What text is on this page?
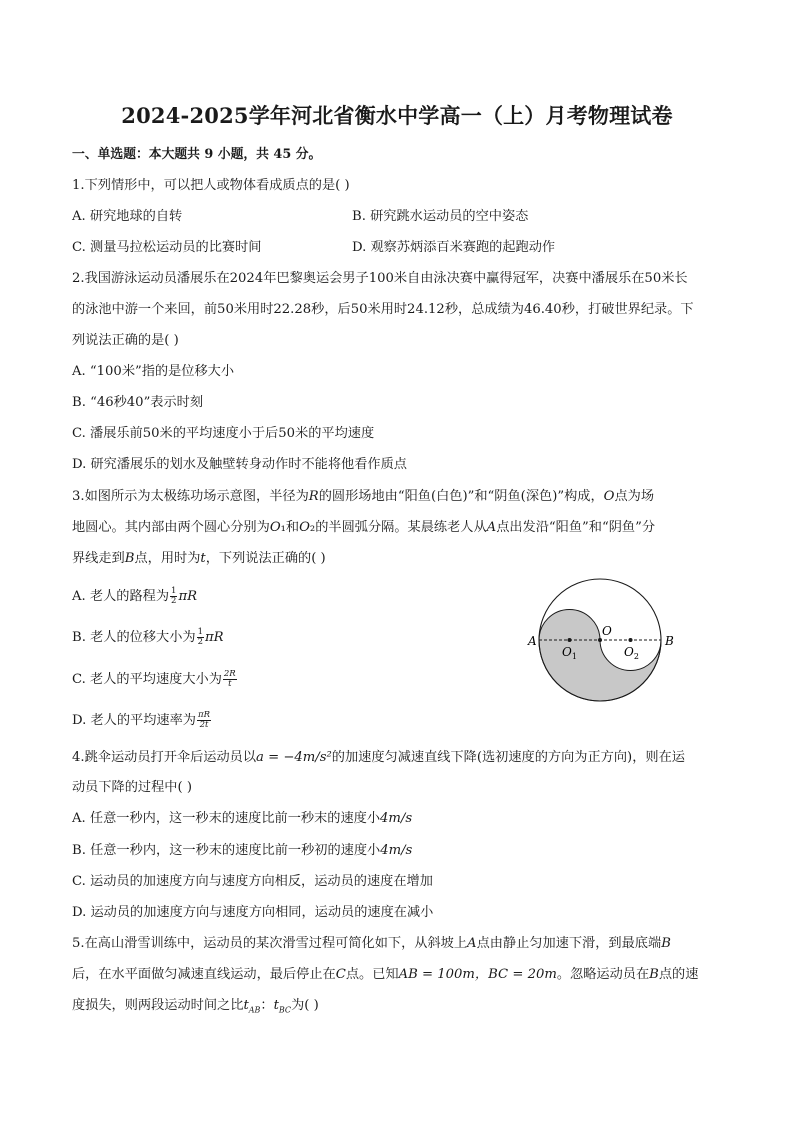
2024-2025学年河北省衡水中学高一（上）月考物理试卷
一、单选题：本大题共 9 小题，共 45 分。
1.下列情形中，可以把人或物体看成质点的是( )
A. 研究地球的自转	B. 研究跳水运动员的空中姿态
C. 测量马拉松运动员的比赛时间	D. 观察苏炳添百米赛跑的起跑动作
2.我国游泳运动员潘展乐在2024年巴黎奥运会男子100米自由泳决赛中赢得冠军，决赛中潘展乐在50米长
的泳池中游一个来回，前50米用时22.28秒，后50米用时24.12秒，总成绩为46.40秒，打破世界纪录。下
列说法正确的是( )
A. “100米”指的是位移大小
B. “46秒40”表示时刻
C. 潘展乐前50米的平均速度小于后50米的平均速度
D. 研究潘展乐的划水及触壁转身动作时不能将他看作质点
3.如图所示为太极练功场示意图，半径为R的圆形场地由“阳鱼(白色)”和“阴鱼(深色)”构成，O点为场
地圆心。其内部由两个圆心分别为O₁和O₂的半圆弧分隔。某晨练老人从A点出发沿“阳鱼”和“阴鱼”分
界线走到B点，用时为t，下列说法正确的( )
A. 老人的路程为 $\frac{1}{2}$ πR
B. 老人的位移大小为 $\frac{1}{2}$ πR
C. 老人的平均速度大小为 $\frac{2R}{t}$
D. 老人的平均速率为 $\frac{\pi R}{2t}$
A	B
O
$O_1$	$O_2$
4.跳伞运动员打开伞后运动员以a = −4m/s²的加速度匀减速直线下降(选初速度的方向为正方向)，则在运
动员下降的过程中( )
A. 任意一秒内，这一秒末的速度比前一秒末的速度小4m/s
B. 任意一秒内，这一秒末的速度比前一秒初的速度小4m/s
C. 运动员的加速度方向与速度方向相反，运动员的速度在增加
D. 运动员的加速度方向与速度方向相同，运动员的速度在减小
5.在高山滑雪训练中，运动员的某次滑雪过程可简化如下，从斜坡上A点由静止匀加速下滑，到最底端B
后，在水平面做匀减速直线运动，最后停止在C点。已知AB = 100m，BC = 20m。忽略运动员在B点的速
度损失，则两段运动时间之比$t_{AB}$：$t_{BC}$为( )
